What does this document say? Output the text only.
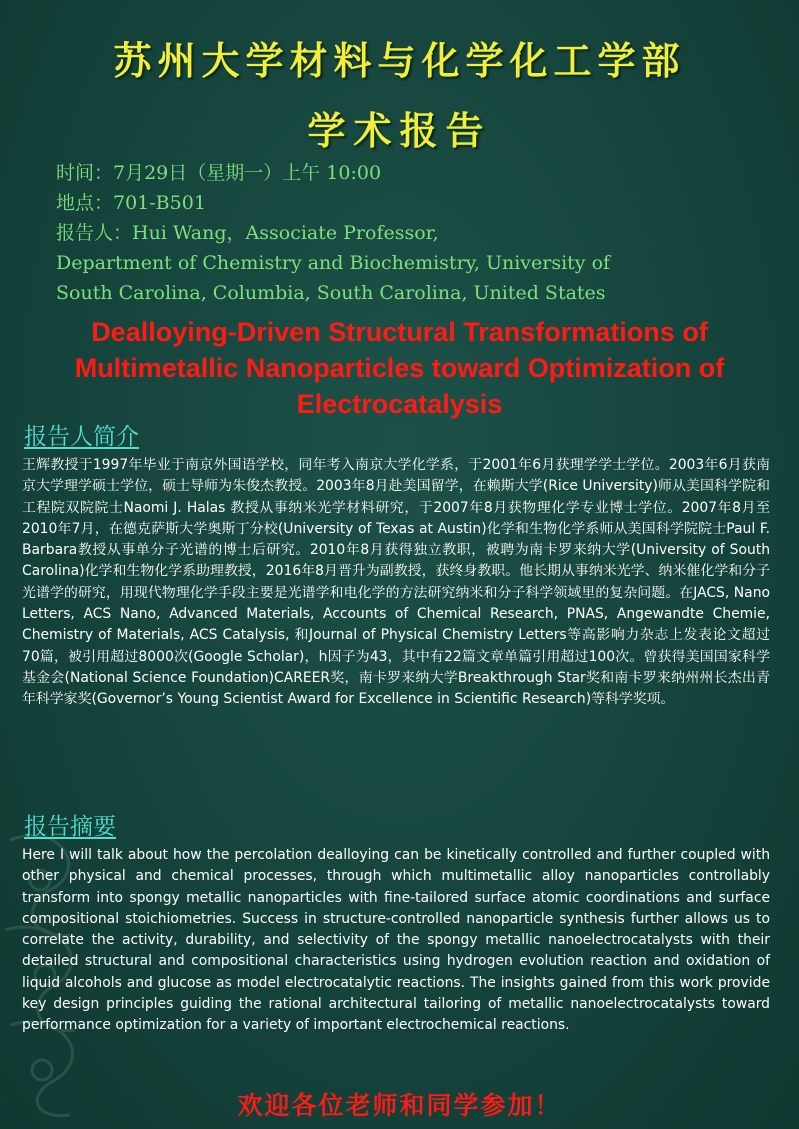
苏州大学材料与化学化工学部
学术报告
时间：7月29日（星期一）上午 10:00
地点：701-B501
报告人：Hui Wang，Associate Professor,
Department of Chemistry and Biochemistry, University of
South Carolina, Columbia, South Carolina, United States
Dealloying-Driven Structural Transformations of Multimetallic Nanoparticles toward Optimization of Electrocatalysis
报告人简介
王辉教授于1997年毕业于南京外国语学校，同年考入南京大学化学系，于2001年6月获理学学士学位。2003年6月获南京大学理学硕士学位，硕士导师为朱俊杰教授。2003年8月赴美国留学，在赖斯大学(Rice University)师从美国科学院和工程院双院院士Naomi J. Halas 教授从事纳米光学材料研究，于2007年8月获物理化学专业博士学位。2007年8月至2010年7月，在德克萨斯大学奥斯丁分校(University of Texas at Austin)化学和生物化学系师从美国科学院院士Paul F. Barbara教授从事单分子光谱的博士后研究。2010年8月获得独立教职，被聘为南卡罗来纳大学(University of South Carolina)化学和生物化学系助理教授，2016年8月晋升为副教授，获终身教职。他长期从事纳米光学、纳米催化学和分子光谱学的研究，用现代物理化学手段主要是光谱学和电化学的方法研究纳米和分子科学领域里的复杂问题。在JACS, Nano Letters, ACS Nano, Advanced Materials, Accounts of Chemical Research, PNAS, Angewandte Chemie, Chemistry of Materials, ACS Catalysis, 和Journal of Physical Chemistry Letters等高影响力杂志上发表论文超过70篇，被引用超过8000次(Google Scholar)，h因子为43，其中有22篇文章单篇引用超过100次。曾获得美国国家科学基金会(National Science Foundation)CAREER奖，南卡罗来纳大学Breakthrough Star奖和南卡罗来纳州州长杰出青年科学家奖(Governor’s Young Scientist Award for Excellence in Scientific Research)等科学奖项。
报告摘要
Here I will talk about how the percolation dealloying can be kinetically controlled and further coupled with other physical and chemical processes, through which multimetallic alloy nanoparticles controllably transform into spongy metallic nanoparticles with fine-tailored surface atomic coordinations and surface compositional stoichiometries. Success in structure-controlled nanoparticle synthesis further allows us to correlate the activity, durability, and selectivity of the spongy metallic nanoelectrocatalysts with their detailed structural and compositional characteristics using hydrogen evolution reaction and oxidation of liquid alcohols and glucose as model electrocatalytic reactions. The insights gained from this work provide key design principles guiding the rational architectural tailoring of metallic nanoelectrocatalysts toward performance optimization for a variety of important electrochemical reactions.
欢迎各位老师和同学参加！
